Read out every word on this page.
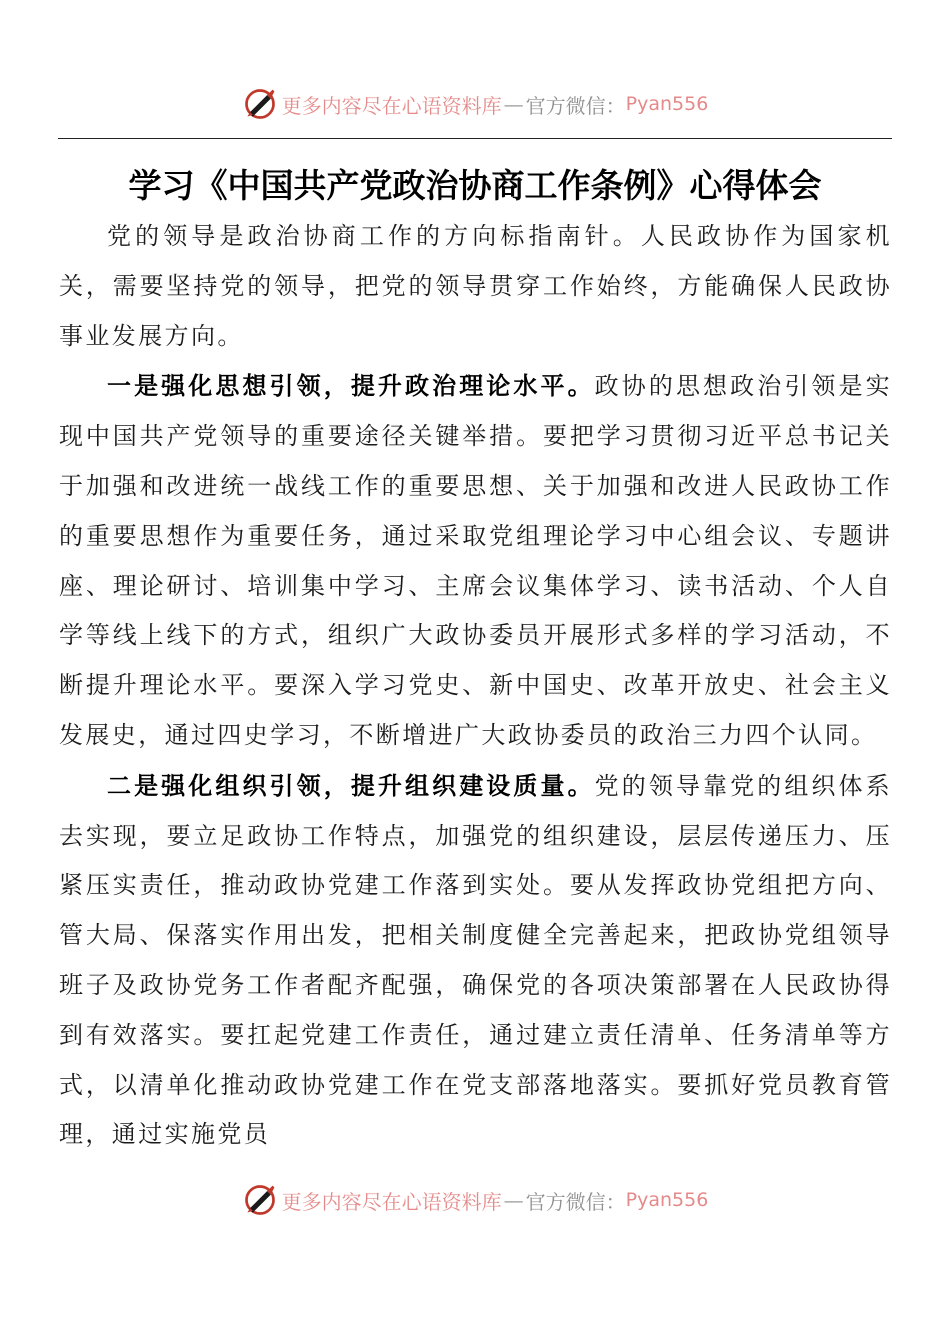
更多内容尽在心语资料库 — 官方微信： Pyan556
学习《中国共产党政治协商工作条例》心得体会

党的领导是政治协商工作的方向标指南针。人民政协作为国家机关，需要坚持党的领导，把党的领导贯穿工作始终，方能确保人民政协事业发展方向。

一是强化思想引领，提升政治理论水平。政协的思想政治引领是实现中国共产党领导的重要途径关键举措。要把学习贯彻习近平总书记关于加强和改进统一战线工作的重要思想、关于加强和改进人民政协工作的重要思想作为重要任务，通过采取党组理论学习中心组会议、专题讲座、理论研讨、培训集中学习、主席会议集体学习、读书活动、个人自学等线上线下的方式，组织广大政协委员开展形式多样的学习活动，不断提升理论水平。要深入学习党史、新中国史、改革开放史、社会主义发展史，通过四史学习，不断增进广大政协委员的政治三力四个认同。

二是强化组织引领，提升组织建设质量。党的领导靠党的组织体系去实现，要立足政协工作特点，加强党的组织建设，层层传递压力、压紧压实责任，推动政协党建工作落到实处。要从发挥政协党组把方向、管大局、保落实作用出发，把相关制度健全完善起来，把政协党组领导班子及政协党务工作者配齐配强，确保党的各项决策部署在人民政协得到有效落实。要扛起党建工作责任，通过建立责任清单、任务清单等方式，以清单化推动政协党建工作在党支部落地落实。要抓好党员教育管理，通过实施党员

更多内容尽在心语资料库 — 官方微信： Pyan556
